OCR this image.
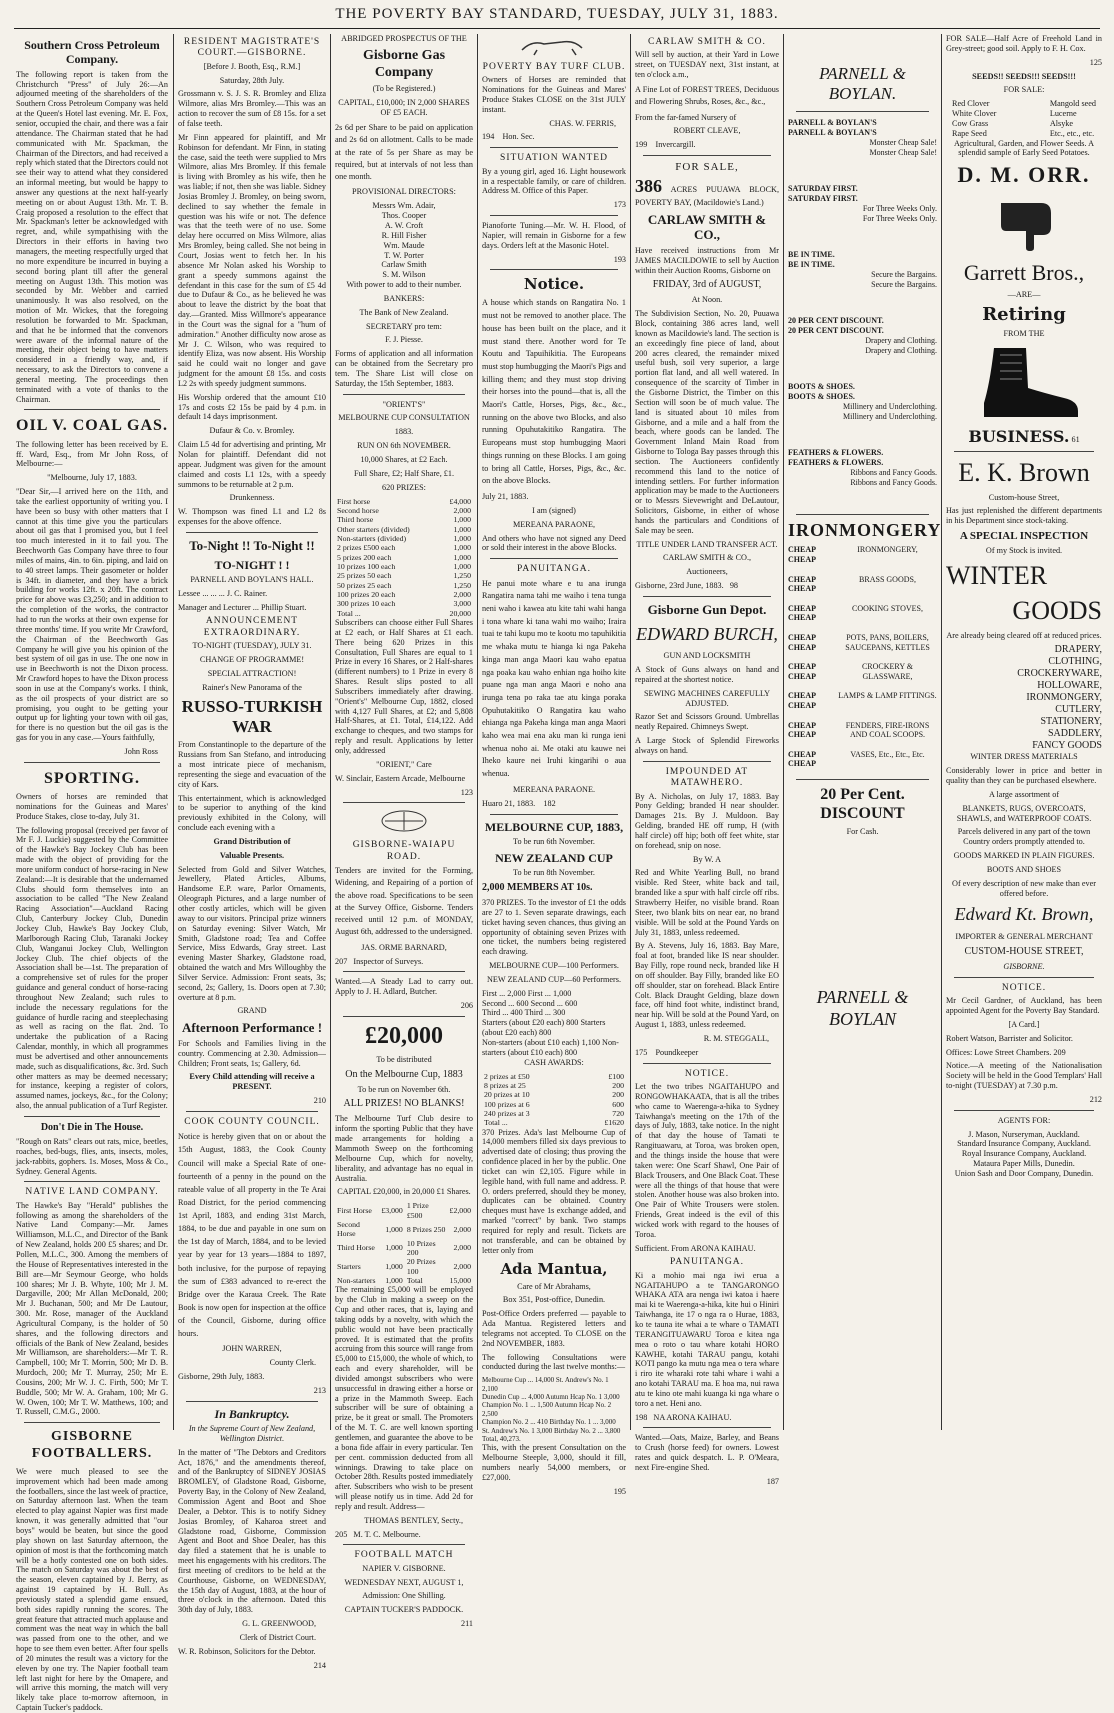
THE POVERTY BAY STANDARD, TUESDAY, JULY 31, 1883.
Southern Cross Petroleum Company.

The following report is taken from the Christchurch "Press" of July 26:—An adjourned meeting of the shareholders of the Southern Cross Petroleum Company was held at the Queen's Hotel last evening. Mr. E. Fox, senior, occupied the chair, and there was a fair attendance. The Chairman stated that he had communicated with Mr. Spackman, the Chairman of the Directors, and had received a reply which stated that the Directors could not see their way to attend what they considered an informal meeting, but would be happy to answer any questions at the next half-yearly meeting on or about August 13th. Mr. T. B. Craig proposed a resolution to the effect that Mr. Spackman's letter be acknowledged with regret, and, while sympathising with the Directors in their efforts in having two managers, the meeting respectfully urged that no more expenditure be incurred in buying a second boring plant till after the general meeting on August 13th. This motion was seconded by Mr. Webber and carried unanimously. It was also resolved, on the motion of Mr. Wickes, that the foregoing resolution be forwarded to Mr. Spackman, and that he be informed that the convenors were aware of the informal nature of the meeting, their object being to have matters considered in a friendly way, and, if necessary, to ask the Directors to convene a general meeting. The proceedings then terminated with a vote of thanks to the Chairman.

OIL V. COAL GAS.

The following letter has been received by E. ff. Ward, Esq., from Mr John Ross, of Melbourne:—

"Melbourne, July 17, 1883.

"Dear Sir,—I arrived here on the 11th, and take the earliest opportunity of writing you. I have been so busy with other matters that I cannot at this time give you the particulars about oil gas that I promised you, but I feel too much interested in it to fail you. The Beechworth Gas Company have three to four miles of mains, 4in. to 6in. piping, and laid on to 40 street lamps. Their gasometer or holder is 34ft. in diameter, and they have a brick building for works 12ft. x 20ft. The contract price for above was £3,250; and in addition to the completion of the works, the contractor had to run the works at their own expense for three months' time. If you write Mr Crawford, the Chairman of the Beechworth Gas Company he will give you his opinion of the best system of oil gas in use. The one now in use in Beechworth is not the Dixon process. Mr Crawford hopes to have the Dixon process soon in use at the Company's works. I think, as the oil prospects of your district are so promising, you ought to be getting your output up for lighting your town with oil gas, for there is no question but the oil gas is the gas for you in any case.—Yours faithfully,

John Ross

SPORTING.

Owners of horses are reminded that nominations for the Guineas and Mares' Produce Stakes, close to-day, July 31.

The following proposal (received per favor of Mr F. J. Luckie) suggested by the Committee of the Hawke's Bay Jockey Club has been made with the object of providing for the more uniform conduct of horse-racing in New Zealand:—It is desirable that the undernamed Clubs should form themselves into an association to be called "The New Zealand Racing Association"—Auckland Racing Club, Canterbury Jockey Club, Dunedin Jockey Club, Hawke's Bay Jockey Club, Marlborough Racing Club, Taranaki Jockey Club, Wanganui Jockey Club, Wellington Jockey Club. The chief objects of the Association shall be—1st. The preparation of a comprehensive set of rules for the proper guidance and general conduct of horse-racing throughout New Zealand; such rules to include the necessary regulations for the guidance of hurdle racing and steeplechasing as well as racing on the flat. 2nd. To undertake the publication of a Racing Calendar, monthly, in which all programmes must be advertised and other announcements made, such as disqualifications, &c. 3rd. Such other matters as may be deemed necessary; for instance, keeping a register of colors, assumed names, jockeys, &c., for the Colony; also, the annual publication of a Turf Register.

Don't Die in The House.

"Rough on Rats" clears out rats, mice, beetles, roaches, bed-bugs, flies, ants, insects, moles, jack-rabbits, gophers. 1s. Moses, Moss & Co., Sydney. General Agents.

NATIVE LAND COMPANY.

The Hawke's Bay "Herald" publishes the following as among the shareholders of the Native Land Company:—Mr. James Williamson, M.L.C., and Director of the Bank of New Zealand, holds 200 £5 shares; and Dr. Pollen, M.L.C., 300. Among the members of the House of Representatives interested in the Bill are—Mr Seymour George, who holds 100 shares; Mr J. B. Whyte, 100; Mr J. M. Dargaville, 200; Mr Allan McDonald, 200; Mr J. Buchanan, 500; and Mr De Lautour, 300. Mr. Rose, manager of the Auckland Agricultural Company, is the holder of 50 shares, and the following directors and officials of the Bank of New Zealand, besides Mr Williamson, are shareholders:—Mr T. R. Campbell, 100; Mr T. Morrin, 500; Mr D. B. Murdoch, 200; Mr T. Murray, 250; Mr E. Cousins, 200; Mr W. J. C. Firth, 500; Mr T. Buddle, 500; Mr W. A. Graham, 100; Mr G. W. Owen, 100; Mr T. W. Matthews, 100; and T. Russell, C.M.G., 2000.

GISBORNE FOOTBALLERS.

We were much pleased to see the improvement which had been made among the footballers, since the last week of practice, on Saturday afternoon last. When the team elected to play against Napier was first made known, it was generally admitted that "our boys" would be beaten, but since the good play shown on last Saturday afternoon, the opinion of most is that the forthcoming match will be a hotly contested one on both sides. The match on Saturday was about the best of the season, eleven captained by J. Berry, as against 19 captained by H. Bull. As previously stated a splendid game ensued, both sides rapidly running the scores. The great feature that attracted much applause and comment was the neat way in which the ball was passed from one to the other, and we hope to see them even better. After four spells of 20 minutes the result was a victory for the eleven by one try. The Napier football team left last night for here by the Omapere, and will arrive this morning, the match will very likely take place to-morrow afternoon, in Captain Tucker's paddock.

RESIDENT MAGISTRATE'S COURT.—GISBORNE.

[Before J. Booth, Esq., R.M.]

Saturday, 28th July.

Grossmann v. S. J. S. R. Bromley and Eliza Wilmore, alias Mrs Bromley.—This was an action to recover the sum of £8 15s. for a set of false teeth.

Mr Finn appeared for plaintiff, and Mr Robinson for defendant. Mr Finn, in stating the case, said the teeth were supplied to Mrs Wilmore, alias Mrs Bromley. If this female is living with Bromley as his wife, then he was liable; if not, then she was liable. Sidney Josias Bromley J. Bromley, on being sworn, declined to say whether the female in question was his wife or not. The defence was that the teeth were of no use. Some delay here occurred on Miss Wilmore, alias Mrs Bromley, being called. She not being in Court, Josias went to fetch her. In his absence Mr Nolan asked his Worship to grant a speedy summons against the defendant in this case for the sum of £5 4d due to Dufaur & Co., as he believed he was about to leave the district by the boat that day.—Granted. Miss Willmore's appearance in the Court was the signal for a "hum of admiration." Another difficulty now arose as Mr J. C. Wilson, who was required to identify Eliza, was now absent. His Worship said he could wait no longer and gave judgment for the amount £8 15s. and costs L2 2s with speedy judgment summons.

His Worship ordered that the amount £10 17s and costs £2 15s be paid by 4 p.m. in default 14 days imprisonment.

Dufaur & Co. v. Bromley.

Claim L5 4d for advertising and printing, Mr Nolan for plaintiff. Defendant did not appear. Judgment was given for the amount claimed and costs L1 12s, with a speedy summons to be returnable at 2 p.m.

Drunkenness.

W. Thompson was fined L1 and L2 8s expenses for the above offence.

To-Night !! To-Night !!
TO-NIGHT ! !

PARNELL AND BOYLAN'S HALL.

Lessee ... ... ... J. C. Rainer.

Manager and Lecturer ... Phillip Stuart.

ANNOUNCEMENT EXTRAORDINARY.

TO-NIGHT (TUESDAY), JULY 31.

CHANGE OF PROGRAMME!

SPECIAL ATTRACTION!

Rainer's New Panorama of the

RUSSO-TURKISH WAR

From Constantinople to the departure of the Russians from San Stefano, and introducing a most intricate piece of mechanism, representing the siege and evacuation of the city of Kars.

This entertainment, which is acknowledged to be superior to anything of the kind previously exhibited in the Colony, will conclude each evening with a

Grand Distribution of

Valuable Presents.

Selected from Gold and Silver Watches, Jewellery, Plated Articles, Albums, Handsome E.P. ware, Parlor Ornaments, Oleograph Pictures, and a large number of other costly articles, which will be given away to our visitors. Principal prize winners on Saturday evening: Silver Watch, Mr Smith, Gladstone road; Tea and Coffee Service, Miss Edwards, Gray street. Last evening Master Sharkey, Gladstone road, obtained the watch and Mrs Willoughby the Silver Service. Admission: Front seats, 3s; second, 2s; Gallery, 1s. Doors open at 7.30; overture at 8 p.m.

GRAND

Afternoon Performance !

For Schools and Families living in the country. Commencing at 2.30. Admission—Children; Front seats, 1s; Gallery, 6d.

Every Child attending will receive a PRESENT.

210

COOK COUNTY COUNCIL.

Notice is hereby given that on or about the 15th August, 1883, the Cook County Council will make a Special Rate of one-fourteenth of a penny in the pound on the rateable value of all property in the Te Arai Road District, for the period commencing 1st April, 1883, and ending 31st March, 1884, to be due and payable in one sum on the 1st day of March, 1884, and to be levied year by year for 13 years—1884 to 1897, both inclusive, for the purpose of repaying the sum of £383 advanced to re-erect the Bridge over the Karaua Creek. The Rate Book is now open for inspection at the office of the Council, Gisborne, during office hours.

JOHN WARREN,

County Clerk.

Gisborne, 29th July, 1883.

213

In Bankruptcy.

In the Supreme Court of New Zealand, Wellington District.

In the matter of "The Debtors and Creditors Act, 1876," and the amendments thereof, and of the Bankruptcy of SIDNEY JOSIAS BROMLEY, of Gladstone Road, Gisborne, Poverty Bay, in the Colony of New Zealand, Commission Agent and Boot and Shoe Dealer, a Debtor. This is to notify Sidney Josias Bromley, of Kaharoa street and Gladstone road, Gisborne, Commission Agent and Boot and Shoe Dealer, has this day filed a statement that he is unable to meet his engagements with his creditors. The first meeting of creditors to be held at the Courthouse, Gisborne, on WEDNESDAY, the 15th day of August, 1883, at the hour of three o'clock in the afternoon. Dated this 30th day of July, 1883.

G. L. GREENWOOD,

Clerk of District Court.

W. R. Robinson, Solicitors for the Debtor.

214

ABRIDGED PROSPECTUS OF THE

Gisborne Gas Company

(To be Registered.)

CAPITAL, £10,000; IN 2,000 SHARES OF £5 EACH.

2s 6d per Share to be paid on application and 2s 6d on allotment. Calls to be made at the rate of 5s per Share as may be required, but at intervals of not less than one month.

PROVISIONAL DIRECTORS:

Messrs Wm. Adair,
Thos. Cooper
A. W. Croft
R. Hill Fisher
Wm. Maude
T. W. Porter
Carlaw Smith
S. M. Wilson

With power to add to their number.

BANKERS:

The Bank of New Zealand.

SECRETARY pro tem:

F. J. Piesse.

Forms of application and all information can be obtained from the Secretary pro tem. The Share List will close on Saturday, the 15th September, 1883.

"ORIENT'S"

MELBOURNE CUP CONSULTATION

1883.

RUN ON 6th NOVEMBER.

10,000 Shares, at £2 Each.

Full Share, £2; Half Share, £1.

620 PRIZES:

First horse	£4,000
Second horse	2,000
Third horse	1,000
Other starters (divided)	1,000
Non-starters (divided)	1,000
2 prizes £500 each	1,000
5 prizes 200 each	1,000
10 prizes 100 each	1,000
25 prizes 50 each	1,250
50 prizes 25 each	1,250
100 prizes 20 each	2,000
300 prizes 10 each	3,000
Total ...	20,000

Subscribers can choose either Full Shares at £2 each, or Half Shares at £1 each. There being 620 Prizes in this Consultation, Full Shares are equal to 1 Prize in every 16 Shares, or 2 Half-shares (different numbers) to 1 Prize in every 8 Shares. Result slips posted to all Subscribers immediately after drawing. "Orient's" Melbourne Cup, 1882, closed with 4,127 Full Shares, at £2; and 5,808 Half-Shares, at £1. Total, £14,122. Add exchange to cheques, and two stamps for reply and result. Applications by letter only, addressed

"ORIENT," Care

W. Sinclair, Eastern Arcade, Melbourne

123

GISBORNE-WAIAPU ROAD.

Tenders are invited for the Forming, Widening, and Repairing of a portion of the above road. Specifications to be seen at the Survey Office, Gisborne. Tenders received until 12 p.m. of MONDAY, August 6th, addressed to the undersigned.

JAS. ORME BARNARD,

207 Inspector of Surveys.

Wanted.—A Steady Lad to carry out. Apply to J. H. Adlard, Butcher.

206

£20,000

To be distributed

On the Melbourne Cup, 1883

To be run on November 6th.

ALL PRIZES! NO BLANKS!

The Melbourne Turf Club desire to inform the sporting Public that they have made arrangements for holding a Mammoth Sweep on the forthcoming Melbourne Cup, which for novelty, liberality, and advantage has no equal in Australia.

CAPITAL £20,000, in 20,000 £1 Shares.

First Horse	£3,000	1 Prize £500	£2,000
Second Horse	1,000	8 Prizes 250	2,000
Third Horse	1,000	10 Prizes 200	2,000
Starters	1,000	20 Prizes 100	2,000
Non-starters	1,000	Total	15,000

The remaining £5,000 will be employed by the Club in making a sweep on the Cup and other races, that is, laying and taking odds by a novelty, with which the public would not have been practically proved. It is estimated that the profits accruing from this source will range from £5,000 to £15,000, the whole of which, to each and every shareholder, will be divided amongst subscribers who were unsuccessful in drawing either a horse or a prize in the Mammoth Sweep. Each subscriber will be sure of obtaining a prize, be it great or small. The Promoters of the M. T. C. are well known sporting gentlemen, and guarantee the above to be a bona fide affair in every particular. Ten per cent. commission deducted from all winnings. Drawing to take place on October 28th. Results posted immediately after. Subscribers who wish to be present will please notify us in time. Add 2d for reply and result. Address—

THOMAS BENTLEY, Secty.,

205 M. T. C. Melbourne.

FOOTBALL MATCH

NAPIER V. GISBORNE.

WEDNESDAY NEXT, AUGUST 1,

Admission: One Shilling.

CAPTAIN TUCKER'S PADDOCK.

211

POVERTY BAY TURF CLUB.

Owners of Horses are reminded that Nominations for the Guineas and Mares' Produce Stakes CLOSE on the 31st JULY instant.

CHAS. W. FERRIS,

194 Hon. Sec.

SITUATION WANTED

By a young girl, aged 16. Light housework in a respectable family, or care of children. Address M. Office of this Paper.

173

Pianoforte Tuning.—Mr. W. H. Flood, of Napier, will remain in Gisborne for a few days. Orders left at the Masonic Hotel.

193

Notice.

A house which stands on Rangatira No. 1 must not be removed to another place. The house has been built on the place, and it must stand there. Another word for Te Koutu and Tapuihikitia. The Europeans must stop humbugging the Maori's Pigs and killing them; and they must stop driving their horses into the pound—that is, all the Maori's Cattle, Horses, Pigs, &c., &c., running on the above two Blocks, and also running Opuhutakitiko Rangatira. The Europeans must stop humbugging Maori things running on these Blocks. I am going to bring all Cattle, Horses, Pigs, &c., &c. on the above Blocks.

July 21, 1883.

I am (signed)

MEREANA PARAONE,

And others who have not signed any Deed or sold their interest in the above Blocks.

PANUITANGA.

He panui mote whare e tu ana irunga Rangatira nama tahi me waiho i tena tunga neni waho i kawea atu kite tahi wahi hanga i tona whare ki tana wahi mo waiho; Iraira tuai te tahi kupu mo te kootu mo tapuhikitia me whaka mutu te hianga ki nga Pakeha kinga man anga Maori kau waho epatua nga poaka kau waho enhian nga hoiho kite puane nga man anga Maori e noho ana irunga tena po raka tae atu kinga poraka Opuhutakitiko O Rangatira kau waho ehianga nga Pakeha kinga man anga Maori kaho wea mai ena aku man ki runga ieni whenua noho ai. Me otaki atu kauwe nei Iheko kaure nei Iruhi kingarihi o aua whenua.

MEREANA PARAONE.

Huaro 21, 1883. 182

MELBOURNE CUP, 1883,

To be run 6th November.

NEW ZEALAND CUP

To be run 8th November.

2,000 MEMBERS AT 10s.

370 PRIZES. To the investor of £1 the odds are 27 to 1. Seven separate drawings, each ticket having seven chances, thus giving an opportunity of obtaining seven Prizes with one ticket, the numbers being registered each drawing.

MELBOURNE CUP—100 Performers.

NEW ZEALAND CUP—60 Performers.

First ... 2,000 First ... 1,000
Second ... 600 Second ... 600
Third ... 400 Third ... 300
Starters (about £20 each) 800 Starters (about £20 each) 800
Non-starters (about £10 each) 1,100 Non-starters (about £10 each) 800

CASH AWARDS:

2 prizes at £50	£100
8 prizes at 25	200
20 prizes at 10	200
100 prizes at 6	600
240 prizes at 3	720
Total ...	£1620

370 Prizes. Ada's last Melbourne Cup of 14,000 members filled six days previous to advertised date of closing; thus proving the confidence placed in her by the public. One ticket can win £2,105. Figure while in legible hand, with full name and address. P. O. orders preferred, should they be money, duplicates can be obtained. Country cheques must have 1s exchange added, and marked "correct" by bank. Two stamps required for reply and result. Tickets are not transferable, and can be obtained by letter only from

Ada Mantua,

Care of Mr Abrahams,

Box 351, Post-office, Dunedin.

Post-Office Orders preferred — payable to Ada Mantua. Registered letters and telegrams not accepted. To CLOSE on the 2nd NOVEMBER, 1883.

The following Consultations were conducted during the last twelve months:—

Melbourne Cup ... 14,000 St. Andrew's No. 1 2,100
Dunedin Cup ... 4,000 Autumn Hcap No. 1 3,000
Champion No. 1 ... 1,500 Autumn Hcap No. 2 2,500
Champion No. 2 ... 410 Birthday No. 1 ... 3,000
St. Andrew's No. 1 3,000 Birthday No. 2 ... 3,800
Total, 40,273.

This, with the present Consultation on the Melbourne Steeple, 3,000, should it fill, numbers nearly 54,000 members, or £27,000.

195

CARLAW SMITH & CO.

Will sell by auction, at their Yard in Lowe street, on TUESDAY next, 31st instant, at ten o'clock a.m.,

A Fine Lot of FOREST TREES, Deciduous and Flowering Shrubs, Roses, &c., &c.,

From the far-famed Nursery of

ROBERT CLEAVE,

199 Invercargill.

FOR SALE,

386 ACRES PUUAWA BLOCK, POVERTY BAY, (Macildowie's Land.)

CARLAW SMITH & CO.,

Have received instructions from Mr JAMES MACILDOWIE to sell by Auction within their Auction Rooms, Gisborne on

FRIDAY, 3rd of AUGUST,

At Noon.

The Subdivision Section, No. 20, Puuawa Block, containing 386 acres land, well known as Macildowie's land. The section is an exceedingly fine piece of land, about 200 acres cleared, the remainder mixed useful bush, soil very superior, a large portion flat land, and all well watered. In consequence of the scarcity of Timber in the Gisborne District, the Timber on this Section will soon be of much value. The land is situated about 10 miles from Gisborne, and a mile and a half from the beach, where goods can be landed. The Government Inland Main Road from Gisborne to Tologa Bay passes through this section. The Auctioneers confidently recommend this land to the notice of intending settlers. For further information application may be made to the Auctioneers or to Messrs Sievewright and DeLautour, Solicitors, Gisborne, in either of whose hands the particulars and Conditions of Sale may be seen.

TITLE UNDER LAND TRANSFER ACT.

CARLAW SMITH & CO.,

Auctioneers,

Gisborne, 23rd June, 1883. 98

Gisborne Gun Depot.
EDWARD BURCH,

GUN AND LOCKSMITH

A Stock of Guns always on hand and repaired at the shortest notice.

SEWING MACHINES CAREFULLY ADJUSTED.

Razor Set and Scissors Ground. Umbrellas neatly Repaired. Chimneys Swept.

A Large Stock of Splendid Fireworks always on hand.

IMPOUNDED AT MATAWHERO.

By A. Nicholas, on July 17, 1883. Bay Pony Gelding; branded H near shoulder. Damages 21s. By J. Muldoon. Bay Gelding, branded HE off rump, H (with half circle) off hip; both off feet white, star on forehead, snip on nose.

By W. A

Red and White Yearling Bull, no brand visible. Red Steer, white back and tail, branded like a spur with half circle off ribs. Strawberry Heifer, no visible brand. Roan Steer, two blank bits on near ear, no brand visible. Will be sold at the Pound Yards on July 31, 1883, unless redeemed.

By A. Stevens, July 16, 1883. Bay Mare, foal at foot, branded like IS near shoulder. Bay Filly, rope round neck, branded like H on off shoulder. Bay Filly, branded like EO off shoulder, star on forehead. Black Entire Colt. Black Draught Gelding, blaze down face, off hind foot white, indistinct brand, near hip. Will be sold at the Pound Yard, on August 1, 1883, unless redeemed.

R. M. STEGGALL,

175 Poundkeeper

NOTICE.

Let the two tribes NGAITAHUPO and RONGOWHAKAATA, that is all the tribes who came to Waerenga-a-hika to Sydney Taiwhanga's meeting on the 17th of the days of July, 1883, take notice. In the night of that day the house of Tamati te Rangituawaru, at Toroa, was broken open, and the things inside the house that were taken were: One Scarf Shawl, One Pair of Black Trousers, and One Black Coat. These were all the things of that house that were stolen. Another house was also broken into. One Pair of White Trousers were stolen. Friends, Great indeed is the evil of this wicked work with regard to the houses of Toroa.

Sufficient. From ARONA KAIHAU.

PANUITANGA.

Ki a mohio mai nga iwi erua a NGAITAHUPO a te TANGARONGO WHAKA ATA ara nenga iwi katoa i haere mai ki te Waerenga-a-hika, kite hui o Hiniri Taiwhanga, ite 17 o nga ra o Hurae, 1883, ko te tauna ite whai a te whare o TAMATI TERANGITUAWARU Toroa e kitea nga mea o roto o tau whare kotahi HORO KAWHE, kotahi TARAU pangu, kotahi KOTI pango ka mutu nga mea o tera whare i riro ite wharaki rote tahi whare i wahi a ano kotahi TARAU ma. E hoa ma, nui rawa atu te kino ote mahi kuanga ki nga whare o toro a net. Heni ano.

198 NA ARONA KAIHAU.

Wanted.—Oats, Maize, Barley, and Beans to Crush (horse feed) for owners. Lowest rates and quick despatch. L. P. O'Meara, next Fire-engine Shed.

187

PARNELL & BOYLAN.
PARNELL & BOYLAN'S
PARNELL & BOYLAN'S
Monster Cheap Sale!
Monster Cheap Sale!
SATURDAY FIRST.
SATURDAY FIRST.
For Three Weeks Only.
For Three Weeks Only.
BE IN TIME.
BE IN TIME.
Secure the Bargains.
Secure the Bargains.
20 PER CENT DISCOUNT.
20 PER CENT DISCOUNT.
Drapery and Clothing.
Drapery and Clothing.
BOOTS & SHOES.
BOOTS & SHOES.
Millinery and Underclothing.
Millinery and Underclothing.
FEATHERS & FLOWERS.
FEATHERS & FLOWERS.
Ribbons and Fancy Goods.
Ribbons and Fancy Goods.
IRONMONGERY
CHEAP
CHEAP
IRONMONGERY,
CHEAP
CHEAP
BRASS GOODS,
CHEAP
CHEAP
COOKING STOVES,
CHEAP
CHEAP
POTS, PANS, BOILERS, SAUCEPANS, KETTLES
CHEAP
CHEAP
CROCKERY & GLASSWARE,
CHEAP
CHEAP
LAMPS & LAMP FITTINGS.
CHEAP
CHEAP
FENDERS, FIRE-IRONS AND COAL SCOOPS.
CHEAP
CHEAP
VASES, Etc., Etc., Etc.
20 Per Cent. DISCOUNT

For Cash.

PARNELL & BOYLAN

FOR SALE—Half Acre of Freehold Land in Grey-street; good soil. Apply to F. H. Cox.

125

SEEDS!! SEEDS!!! SEEDS!!!

FOR SALE:

Red Clover
White Clover
Cow Grass
Rape Seed
Mangold seed
Lucerne
Alsyke
Etc., etc., etc.

Agricultural, Garden, and Flower Seeds. A splendid sample of Early Seed Potatoes.

D. M. ORR.
Garrett Bros.,

—ARE—

Retiring

FROM THE

BUSINESS. 61

E. K. Brown

Custom-house Street,

Has just replenished the different departments in his Department since stock-taking.

A SPECIAL INSPECTION

Of my Stock is invited.

WINTER
GOODS

Are already being cleared off at reduced prices.

DRAPERY,
CLOTHING,
CROCKERYWARE,
HOLLOWARE,
IRONMONGERY,
CUTLERY,
STATIONERY,
SADDLERY,
FANCY GOODS

WINTER DRESS MATERIALS

Considerably lower in price and better in quality than they can be purchased elsewhere.

A large assortment of

BLANKETS, RUGS, OVERCOATS, SHAWLS, and WATERPROOF COATS.

Parcels delivered in any part of the town Country orders promptly attended to.

GOODS MARKED IN PLAIN FIGURES.

BOOTS AND SHOES

Of every description of new make than ever offered before.

Edward Kt. Brown,

IMPORTER & GENERAL MERCHANT

CUSTOM-HOUSE STREET,

GISBORNE.

NOTICE.

Mr Cecil Gardner, of Auckland, has been appointed Agent for the Poverty Bay Standard.

[A Card.]

Robert Watson, Barrister and Solicitor.

Offices: Lowe Street Chambers. 209

Notice.—A meeting of the Nationalisation Society will be held in the Good Templars' Hall to-night (TUESDAY) at 7.30 p.m.

212

AGENTS FOR:

J. Mason, Nurseryman, Auckland.
Standard Insurance Company, Auckland.
Royal Insurance Company, Auckland.
Mataura Paper Mills, Dunedin.
Union Sash and Door Company, Dunedin.
